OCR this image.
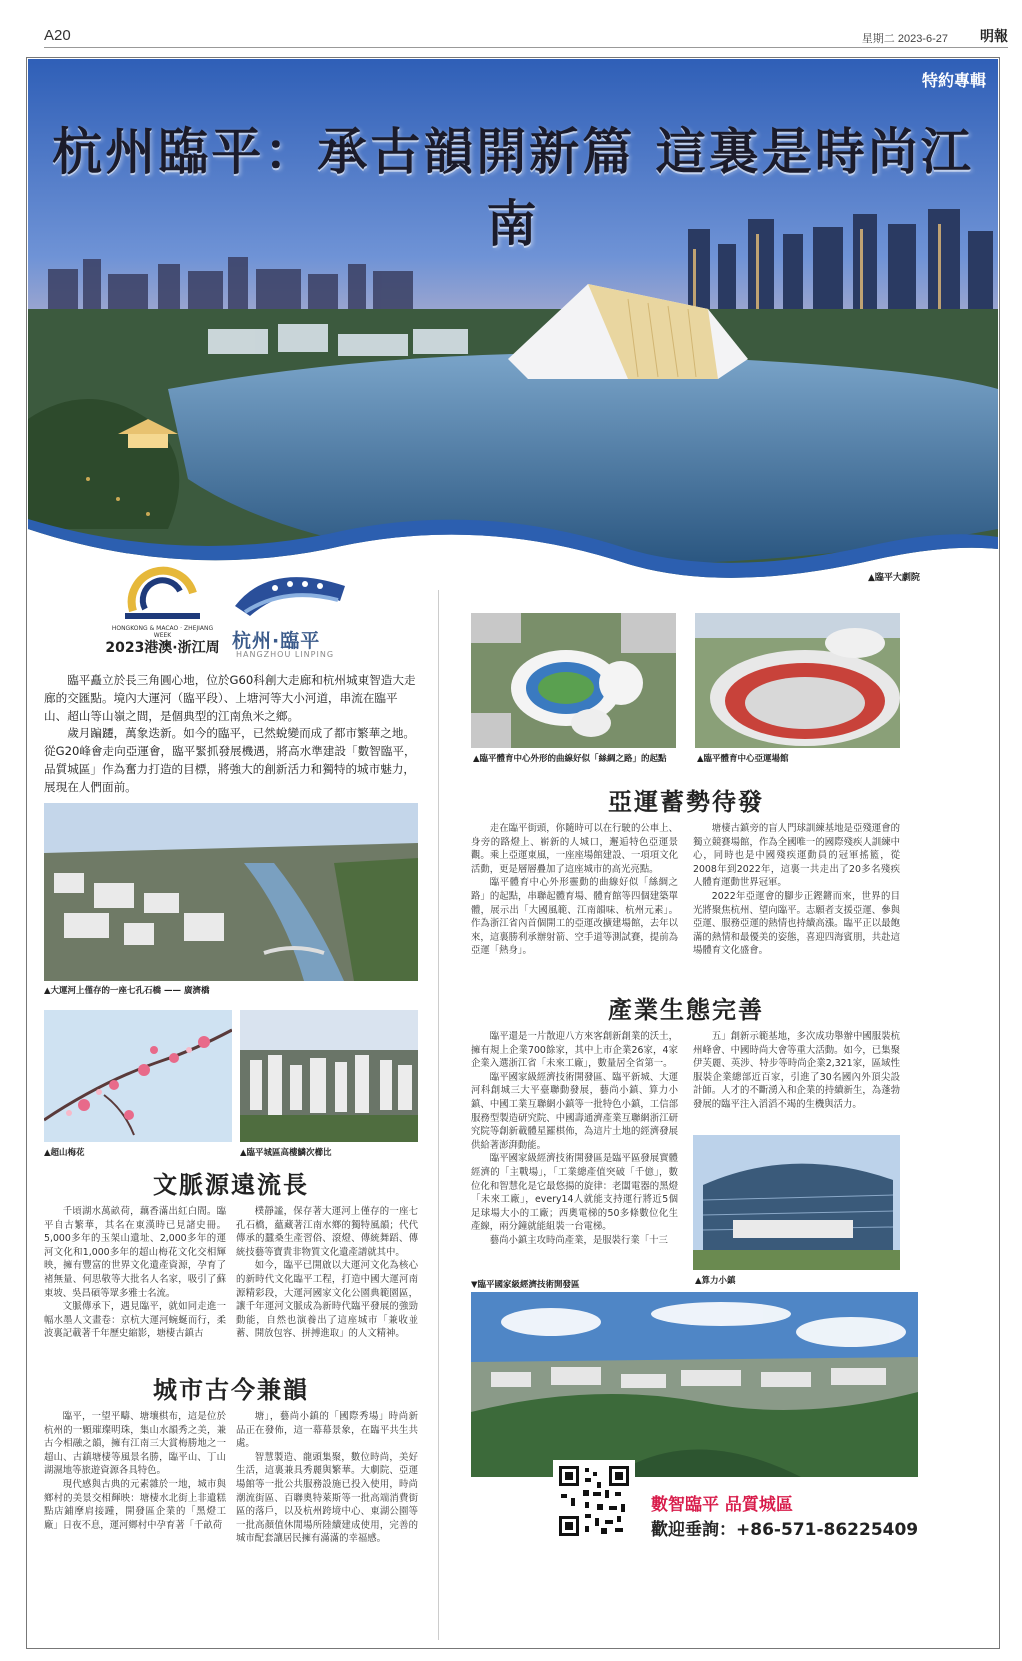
A20	星期二 2023-6-27 明報
特約專輯
杭州臨平：承古韻開新篇 這裏是時尚江南
▲臨平大劇院
HONGKONG & MACAO · ZHEJIANG WEEK
2023港澳·浙江周 杭州·臨平
HANGZHOU LINPING

臨平矗立於長三角圓心地，位於G60科創大走廊和杭州城東智造大走廊的交匯點。境內大運河（臨平段）、上塘河等大小河道，串流在臨平山、超山等山嶺之間，是個典型的江南魚米之鄉。

歲月蹁躚，萬象迭新。如今的臨平，已然蛻變而成了都市繁華之地。從G20峰會走向亞運會，臨平緊抓發展機遇，將高水準建設「數智臨平，品質城區」作為奮力打造的目標，將強大的創新活力和獨特的城市魅力，展現在人們面前。

▲大運河上僅存的一座七孔石橋 —— 廣濟橋
▲超山梅花	▲臨平城區高樓鱗次櫛比
文脈源遠流長

千頃湖水萬畝荷，藕香滿出紅白間。臨平自古繁華，其名在東漢時已見諸史冊。5,000多年的玉架山遺址、2,000多年的運河文化和1,000多年的超山梅花文化交相輝映，擁有豐富的世界文化遺產資源，孕育了褚無量、何思敬等大批名人名家，吸引了蘇東坡、吳昌碩等眾多雅士名流。

文脈傳承下，遇見臨平，就如同走進一幅水墨人文畫卷：京杭大運河蜿蜒而行，柔波裏記載著千年歷史縮影，塘棲古鎮古

樸靜謐，保存著大運河上僅存的一座七孔石橋，蘊藏著江南水鄉的獨特風韻；代代傳承的蠶桑生產習俗、滾燈、傳統舞蹈、傳統技藝等寶貴非物質文化遺產譜就其中。

如今，臨平已開啟以大運河文化為核心的新時代文化臨平工程，打造中國大運河南源精彩段，大運河國家文化公園典範園區，讓千年運河文脈成為新時代臨平發展的強勁動能，自然也演養出了這座城市「兼收並蓄、開放包容、拼搏進取」的人文精神。

城市古今兼韻

臨平，一望平疇、塘壤棋布，這是位於杭州的一顆璀璨明珠，集山水韻秀之美，兼古今相融之韻，擁有江南三大賞梅勝地之一超山、古鎮塘棲等風景名勝，臨平山、丁山湖濕地等旅遊資源各具特色。

現代感與古典的元素雜於一地，城市與鄉村的美景交相輝映：塘棲水北街上非遺糕點店鋪摩肩接踵，開發區企業的「黑燈工廠」日夜不息，運河鄉村中孕育著「千畝荷

塘」，藝尚小鎮的「國際秀場」時尚新品正在發佈，這一幕幕景象，在臨平共生共處。

智慧製造、龍頭集聚，數位時尚，美好生活，這裏兼具秀麗與繁華。大劇院、亞運場館等一批公共服務設施已投入使用，時尚潮流街區、百聯奧特萊斯等一批高端消費街區的落戶，以及杭州跨境中心、東湖公園等一批高顏值休閒場所陸續建成使用，完善的城市配套讓居民擁有滿滿的幸福感。

▲臨平體育中心外形的曲線好似「絲綢之路」的起點	▲臨平體育中心亞運場館
亞運蓄勢待發

走在臨平街頭，你隨時可以在行駛的公車上、身旁的路燈上、嶄新的人城口，邂逅特色亞運景觀。乘上亞運東風，一座座場館建設、一項項文化活動，更是層層疊加了這座城市的高光亮點。

臨平體育中心外形靈動的曲線好似「絲綢之路」的起點，串聯起體育場、體育館等四個建築單體，展示出「大國風範、江南韻味、杭州元素」。作為浙江省內首個開工的亞運改擴建場館，去年以來，這裏勝利承辦射箭、空手道等測試賽，提前為亞運「熱身」。

塘棲古鎮旁的盲人門球訓練基地是亞殘運會的獨立競賽場館，作為全國唯一的國際殘疾人訓練中心，同時也是中國殘疾運動員的冠軍搖籃，從2008年到2022年，這裏一共走出了20多名殘疾人體育運動世界冠軍。

2022年亞運會的腳步正鏗鏘而來，世界的目光將聚焦杭州、望向臨平。志願者支援亞運、參與亞運、服務亞運的熱情也持續高漲。臨平正以最飽滿的熱情和最優美的姿態，喜迎四海賓朋，共赴這場體育文化盛會。

產業生態完善

臨平還是一片散迎八方來客創新創業的沃土，擁有規上企業700餘家，其中上市企業26家，4家企業入選浙江省「未來工廠」，數量居全省第一。

臨平國家級經濟技術開發區、臨平新城、大運河科創城三大平臺聯動發展，藝尚小鎮、算力小鎮、中國工業互聯網小鎮等一批特色小鎮，工信部服務型製造研究院、中國壽通濟產業互聯網浙江研究院等創新載體星羅棋佈，為這片土地的經濟發展供給著澎湃動能。

臨平國家級經濟技術開發區是臨平區發展實體經濟的「主戰場」，「工業總產值突破「千億」，數位化和智慧化是它最悠揚的旋律：老闆電器的黑燈「未來工廠」，every14人就能支持運行將近5個足球場大小的工廠；西奧電梯的50多條數位化生產線，兩分鐘就能組裝一台電梯。

藝尚小鎮主攻時尚產業，是服裝行業「十三

五」創新示範基地，多次成功舉辦中國服裝杭州峰會、中國時尚大會等重大活動。如今，已集聚伊芙麗、英涉、特步等時尚企業2,321家，區域性服裝企業總部近百家，引進了30名國內外頂尖設計師。人才的不斷湧入和企業的持續新生，為蓬勃發展的臨平注入滔滔不竭的生機與活力。

▲算力小鎮
▼臨平國家級經濟技術開發區
數智臨平 品質城區
歡迎垂詢：+86-571-86225409
